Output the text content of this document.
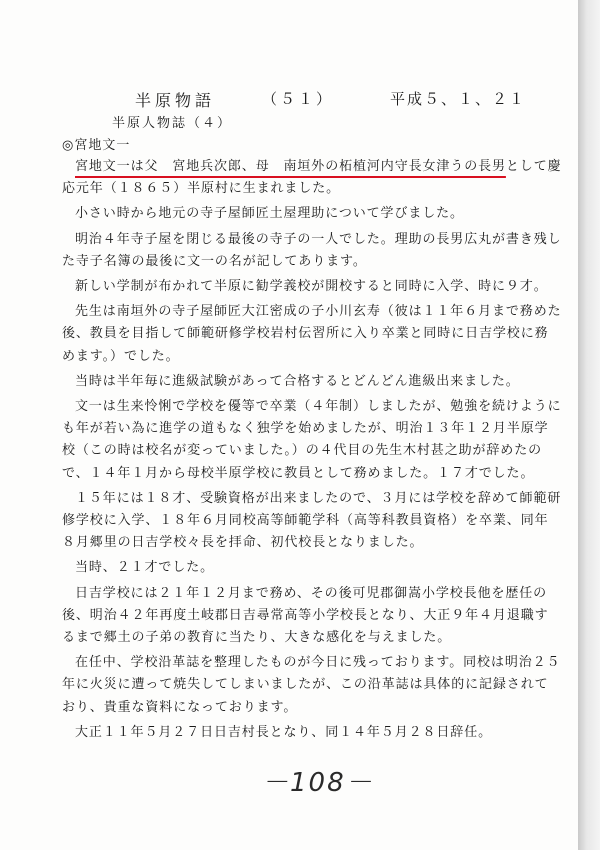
半原物語	（５１）	平成５、１、２１
半原人物誌（４）
◎宮地文一

宮地文一は父　宮地兵次郎、母　南垣外の柘植河内守長女津うの長男として慶応元年（１８６５）半原村に生まれました。

小さい時から地元の寺子屋師匠土屋理助について学びました。

明治４年寺子屋を閉じる最後の寺子の一人でした。理助の長男広丸が書き残した寺子名簿の最後に文一の名が記してあります。

新しい学制が布かれて半原に勧学義校が開校すると同時に入学、時に９才。

先生は南垣外の寺子屋師匠大江密成の子小川玄寿（彼は１１年６月まで務めた後、教員を目指して師範研修学校岩村伝習所に入り卒業と同時に日吉学校に務めます。）でした。

当時は半年毎に進級試験があって合格するとどんどん進級出来ました。

文一は生来怜悧で学校を優等で卒業（４年制）しましたが、勉強を続けようにも年が若い為に進学の道もなく独学を始めましたが、明治１３年１２月半原学校（この時は校名が変っていました。）の４代目の先生木村甚之助が辞めたので、１４年１月から母校半原学校に教員として務めました。１７才でした。

１５年には１８才、受験資格が出来ましたので、３月には学校を辞めて師範研修学校に入学、１８年６月同校高等師範学科（高等科教員資格）を卒業、同年８月郷里の日吉学校々長を拝命、初代校長となりました。

当時、２１才でした。

日吉学校には２１年１２月まで務め、その後可児郡御嵩小学校長他を歴任の後、明治４２年再度土岐郡日吉尋常高等小学校長となり、大正９年４月退職するまで郷土の子弟の教育に当たり、大きな感化を与えました。

在任中、学校沿革誌を整理したものが今日に残っております。同校は明治２５年に火災に遭って焼失してしまいましたが、この沿革誌は具体的に記録されており、貴重な資料になっております。

大正１１年５月２７日日吉村長となり、同１４年５月２８日辞任。

－108－
